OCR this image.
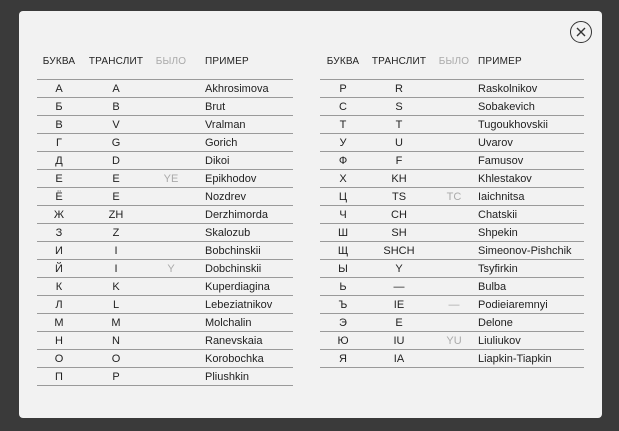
БУКВА	ТРАНСЛИТ	БЫЛО	ПРИМЕР
А	A		Akhrosimova
Б	B		Brut
В	V		Vralman
Г	G		Gorich
Д	D		Dikoi
Е	E	YE	Epikhodov
Ё	E		Nozdrev
Ж	ZH		Derzhimorda
З	Z		Skalozub
И	I		Bobchinskii
Й	I	Y	Dobchinskii
К	K		Kuperdiagina
Л	L		Lebeziatnikov
М	M		Molchalin
Н	N		Ranevskaia
О	O		Korobochka
П	P		Pliushkin
БУКВА	ТРАНСЛИТ	БЫЛО	ПРИМЕР
Р	R		Raskolnikov
С	S		Sobakevich
Т	T		Tugoukhovskii
У	U		Uvarov
Ф	F		Famusov
Х	KH		Khlestakov
Ц	TS	TC	Iaichnitsa
Ч	CH		Chatskii
Ш	SH		Shpekin
Щ	SHCH		Simeonov-Pishchik
Ы	Y		Tsyfirkin
Ь	—		Bulba
Ъ	IE	—	Podieiaremnyi
Э	E		Delone
Ю	IU	YU	Liuliukov
Я	IA		Liapkin-Tiapkin
